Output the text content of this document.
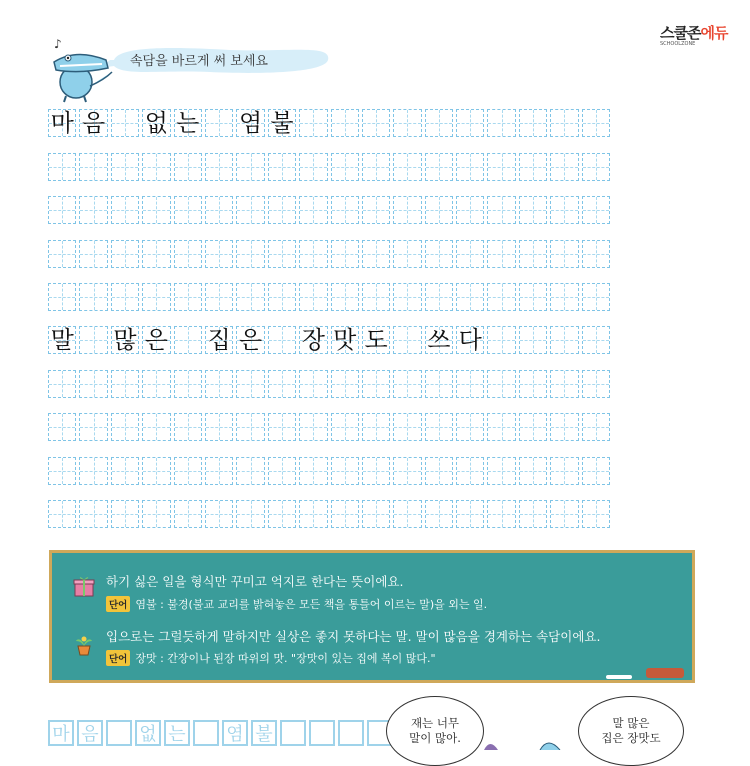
스쿨존에듀
SCHOOLZONE
속담을 바르게 써 보세요
♪
마 음 없 는 염 불
말 많 은 집 은 장 맛 도 쓰 다
하기 싫은 일을 형식만 꾸미고 억지로 한다는 뜻이에요.
단어 염불 : 불경(불교 교리를 밝혀놓은 모든 책을 통틀어 이르는 말)을 외는 일.
입으로는 그럴듯하게 말하지만 실상은 좋지 못하다는 말. 말이 많음을 경계하는 속담이에요.
단어 장맛 : 간장이나 된장 따위의 맛. "장맛이 있는 집에 복이 많다."
마 음 없 는 염 불
재는 너무
말이 많아.
말 많은
집은 장맛도
